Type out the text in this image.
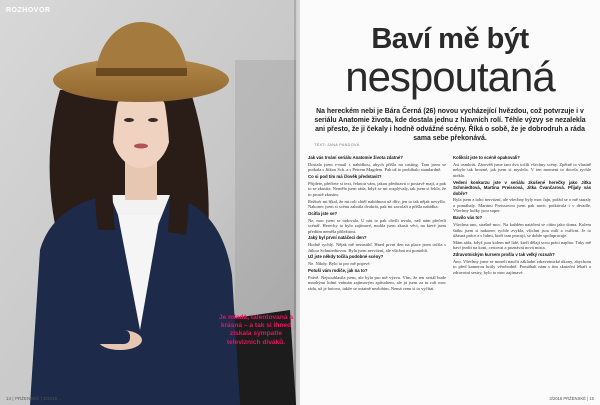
ROZHOVOR
Je mladá, talentovaná a krásná – a tak si ihned získala sympatie televizních diváků.
14 | PRŽENSKÉ | 3/2016 ...
Baví mě být
nespoutaná
Na hereckém nebi je Bára Černá (26) novou vycházející hvězdou, což potvrzuje i v seriálu Anatomie života, kde dostala jednu z hlavních rolí. Téhle výzvy se nezalekla ani přesto, že ji čekaly i hodně odvážné scény. Říká o sobě, že je dobrodruh a ráda sama sebe překonává.
TEXT: JANA PANDOVÁ

Jak vás trvání seriálu Anatomie života zdatné?

Dostala jsem e-mail s nabídkou, abych přišla na casting. Tam jsem se potkala s Jitkou Sch. a s Petrem Magdem. Pak už to probíhalo standardně.

Co si pod tím má člověk představit?

Přijdete, přečtete si text, řeknou vám, jakou představu o postavě mají, a pak to se zkusíte. Neměla jsem ráda, když se mi rozplývaly, tak jsem si řekla, že to prostě zkusím.

Režisér mi říkal, že mi roli chtěl nabídnout už dřív, jen to tak nějak nevyšlo. Nakonec jsem si scénu zahrála dvakrát, pak mi zavolali a přišla nabídka.

Ocitla jste se?

Ne, moc jsem se radovala. U nás to pak chvíli trvalo, než nám přečetli scénář. Herecky to bylo zajímavé, mohla jsem zkusit věci, na které jsem předtím neměla příležitost.

Jaký byl první natáčecí den?

Hodně rychlý. Nějak mě nezastihl. Hned první den na place jsem točila s Jitkou Schmiedtovou. Byla jsem nervózní, ale všichni mi pomohli.

Už jste někdy točila podobné scény?

Ne. Nikdy. Bylo to pro mě poprvé.

Potuší vám rodiče, jak na to?

Právě. Nejsouhlasila jsem, ale byla pro mě výzva. Vím, že ten seriál bude mnohými lidmi vnímán zajímavým způsobem, ale já jsem za tu roli moc ráda, už je hotovo, takže se ostatně nezlobím. Nemá cenu si to vyčítat.

Kolikrát jste to scéně opakovali?

Asi osmkrát. Zárověň jsme tam dva točili všechny scény. Zpětně to vlastně nebylo tak hrozné, jak jsem si myslela. V ten moment to docela rychle uteklo.

Vedení konkurzu jste v seriálu zkušené herečky jako Jitka Schmiedtová, Martina Preissová, Jitka Čvančarová. Přijaly vás dobře?

Byla jsem z toho nervózní, ale všechny byly moc fajn, pořád se o mě staraly a pomáhaly. Martinu Preissovou jsem pak navíc potkávala i v divadle. Všechny holky jsou super.

Bavilo vás to?

Všechna ano, strašně moc. Na každém natáčení se cítím jako doma. Kolem štábu jsem si nakonec rychle zvykla, všichni jsou milí a vstřícní. Je to úžasná práce a s lidmi, kteří tam pracují, se dobře spolupracuje.

Mám ráda, když jsou kolem mě lidé, kteří dělají svou práci naplno. Taky mě baví jezdit na koni, cestovat a poznávat nová místa.

Zdravotnickým kursem prošla v tak velký rozsah?

Ano. Všechny jsme se museli naučit základní zdravotnické úkony, abychom to před kamerou hrály věrohodně. Pomáhali nám s tím skuteční lékaři a zdravotní sestry, bylo to moc zajímavé.

3/2016 PRŽENSKÉ | 15
